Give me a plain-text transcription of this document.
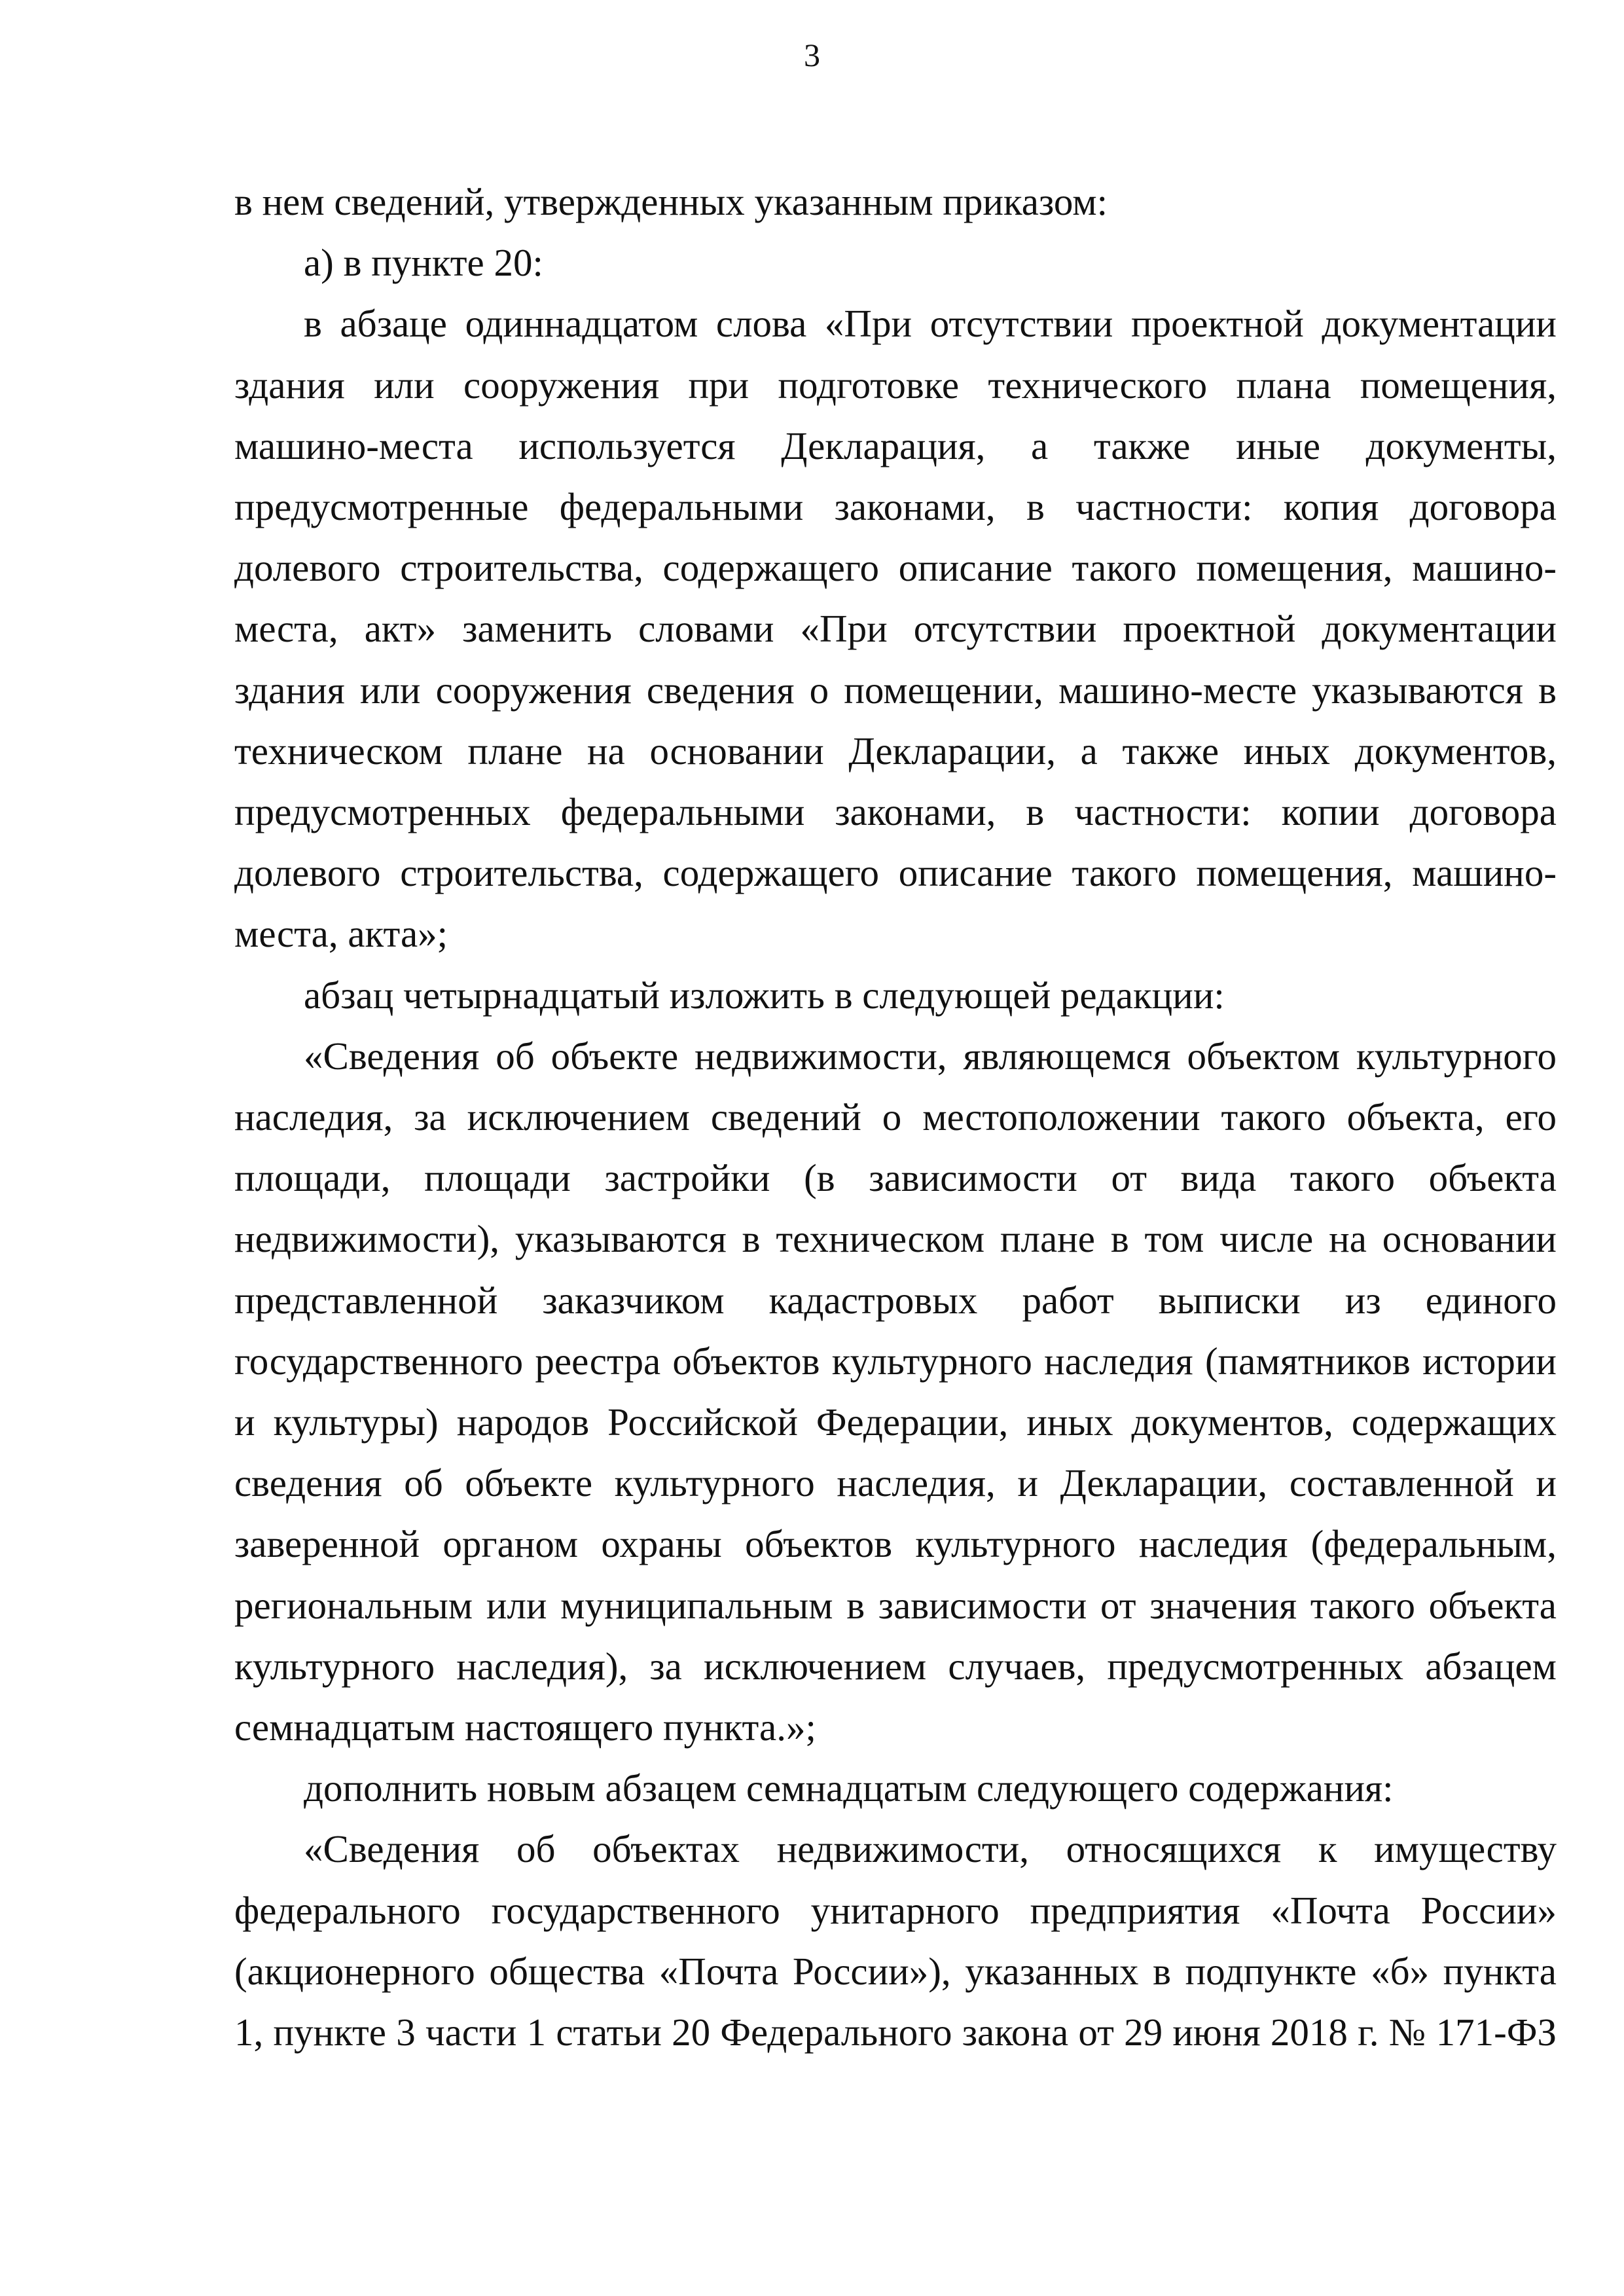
3

в нем сведений, утвержденных указанным приказом:

а) в пункте 20:

в абзаце одиннадцатом слова «При отсутствии проектной документации здания или сооружения при подготовке технического плана помещения, машино-места используется Декларация, а также иные документы, предусмотренные федеральными законами, в частности: копия договора долевого строительства, содержащего описание такого помещения, машино-места, акт» заменить словами «При отсутствии проектной документации здания или сооружения сведения о помещении, машино-месте указываются в техническом плане на основании Декларации, а также иных документов, предусмотренных федеральными законами, в частности: копии договора долевого строительства, содержащего описание такого помещения, машино-места, акта»;

абзац четырнадцатый изложить в следующей редакции:

«Сведения об объекте недвижимости, являющемся объектом культурного наследия, за исключением сведений о местоположении такого объекта, его площади, площади застройки (в зависимости от вида такого объекта недвижимости), указываются в техническом плане в том числе на основании представленной заказчиком кадастровых работ выписки из единого государственного реестра объектов культурного наследия (памятников истории и культуры) народов Российской Федерации, иных документов, содержащих сведения об объекте культурного наследия, и Декларации, составленной и заверенной органом охраны объектов культурного наследия (федеральным, региональным или муниципальным в зависимости от значения такого объекта культурного наследия), за исключением случаев, предусмотренных абзацем семнадцатым настоящего пункта.»;

дополнить новым абзацем семнадцатым следующего содержания:

«Сведения об объектах недвижимости, относящихся к имуществу федерального государственного унитарного предприятия «Почта России» (акционерного общества «Почта России»), указанных в подпункте «б» пункта 1, пункте 3 части 1 статьи 20 Федерального закона от 29 июня 2018 г. № 171-ФЗ
